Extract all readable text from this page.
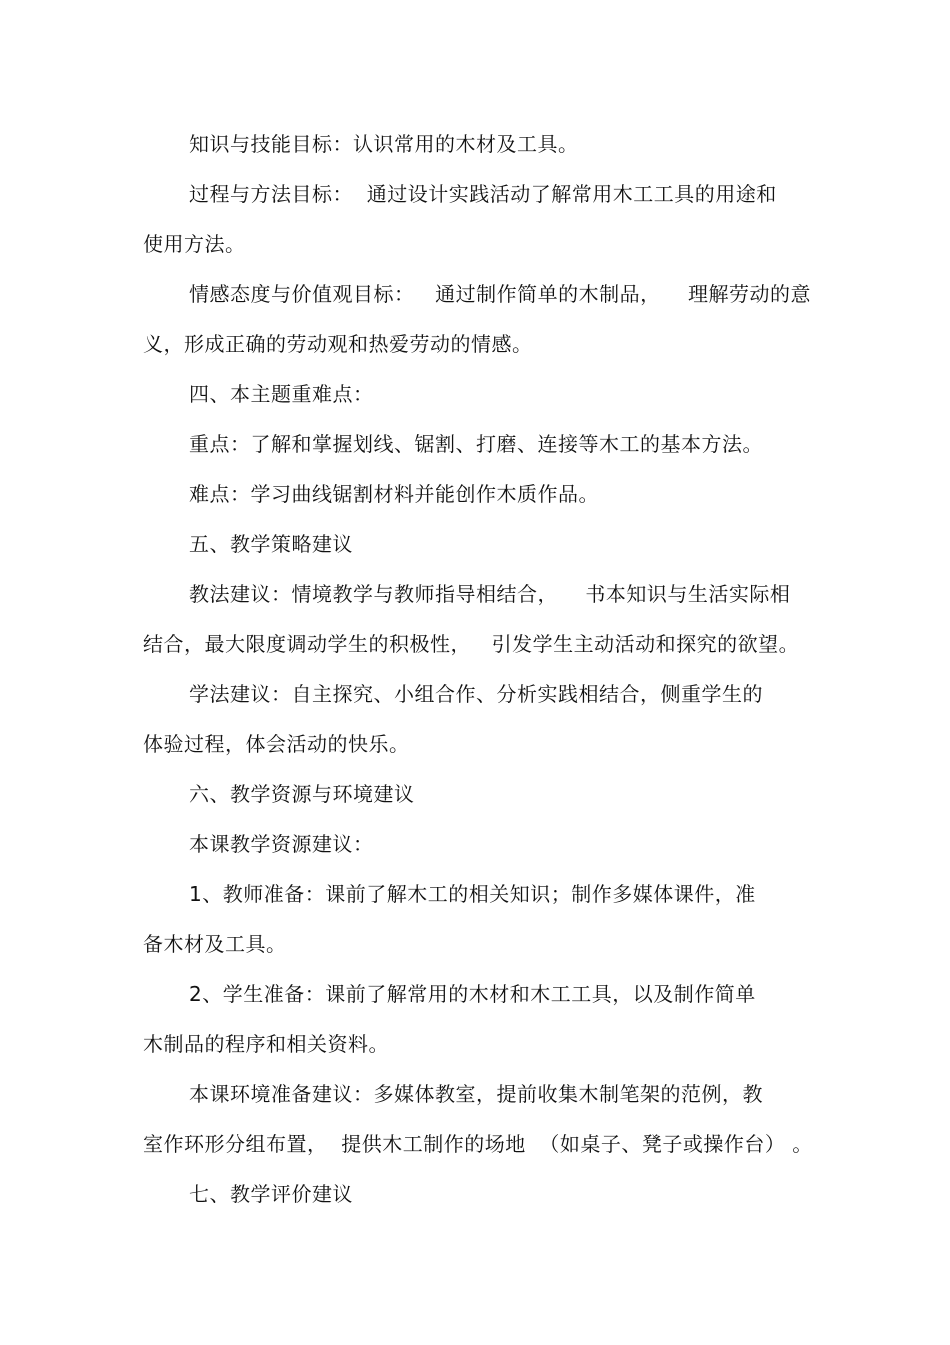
知识与技能目标：认识常用的木材及工具。
过程与方法目标：  通过设计实践活动了解常用木工工具的用途和
使用方法。
情感态度与价值观目标：   通过制作简单的木制品，    理解劳动的意
义，形成正确的劳动观和热爱劳动的情感。
四、本主题重难点：
重点：了解和掌握划线、锯割、打磨、连接等木工的基本方法。
难点：学习曲线锯割材料并能创作木质作品。
五、教学策略建议
教法建议：情境教学与教师指导相结合，    书本知识与生活实际相
结合，最大限度调动学生的积极性，   引发学生主动活动和探究的欲望。
学法建议：自主探究、小组合作、分析实践相结合，侧重学生的
体验过程，体会活动的快乐。
六、教学资源与环境建议
本课教学资源建议：
1、教师准备：课前了解木工的相关知识；制作多媒体课件，准
备木材及工具。
2、学生准备：课前了解常用的木材和木工工具，以及制作简单
木制品的程序和相关资料。
本课环境准备建议：多媒体教室，提前收集木制笔架的范例，教
室作环形分组布置，  提供木工制作的场地  （如桌子、凳子或操作台） 。
七、教学评价建议
